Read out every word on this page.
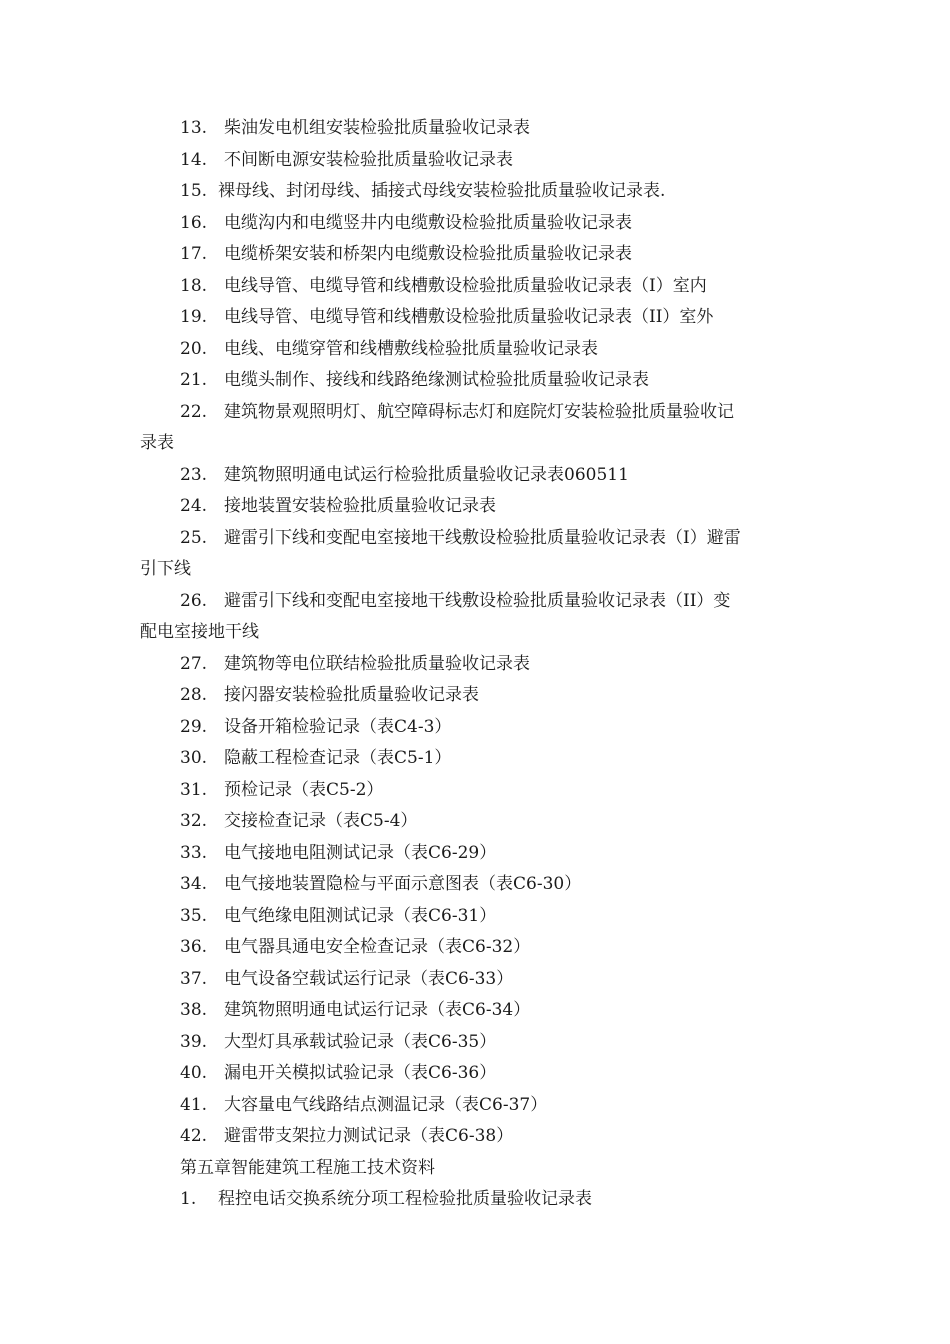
13. 柴油发电机组安装检验批质量验收记录表
14. 不间断电源安装检验批质量验收记录表
15. 裸母线、封闭母线、插接式母线安装检验批质量验收记录表.
16. 电缆沟内和电缆竖井内电缆敷设检验批质量验收记录表
17. 电缆桥架安装和桥架内电缆敷设检验批质量验收记录表
18. 电线导管、电缆导管和线槽敷设检验批质量验收记录表（I）室内
19. 电线导管、电缆导管和线槽敷设检验批质量验收记录表（II）室外
20. 电线、电缆穿管和线槽敷线检验批质量验收记录表
21. 电缆头制作、接线和线路绝缘测试检验批质量验收记录表
22. 建筑物景观照明灯、航空障碍标志灯和庭院灯安装检验批质量验收记
录表
23. 建筑物照明通电试运行检验批质量验收记录表060511
24. 接地装置安装检验批质量验收记录表
25. 避雷引下线和变配电室接地干线敷设检验批质量验收记录表（I）避雷
引下线
26. 避雷引下线和变配电室接地干线敷设检验批质量验收记录表（II）变
配电室接地干线
27. 建筑物等电位联结检验批质量验收记录表
28. 接闪器安装检验批质量验收记录表
29. 设备开箱检验记录（表C4-3）
30. 隐蔽工程检查记录（表C5-1）
31. 预检记录（表C5-2）
32. 交接检查记录（表C5-4）
33. 电气接地电阻测试记录（表C6-29）
34. 电气接地装置隐检与平面示意图表（表C6-30）
35. 电气绝缘电阻测试记录（表C6-31）
36. 电气器具通电安全检查记录（表C6-32）
37. 电气设备空载试运行记录（表C6-33）
38. 建筑物照明通电试运行记录（表C6-34）
39. 大型灯具承载试验记录（表C6-35）
40. 漏电开关模拟试验记录（表C6-36）
41. 大容量电气线路结点测温记录（表C6-37）
42. 避雷带支架拉力测试记录（表C6-38）
第五章智能建筑工程施工技术资料
1. 程控电话交换系统分项工程检验批质量验收记录表
